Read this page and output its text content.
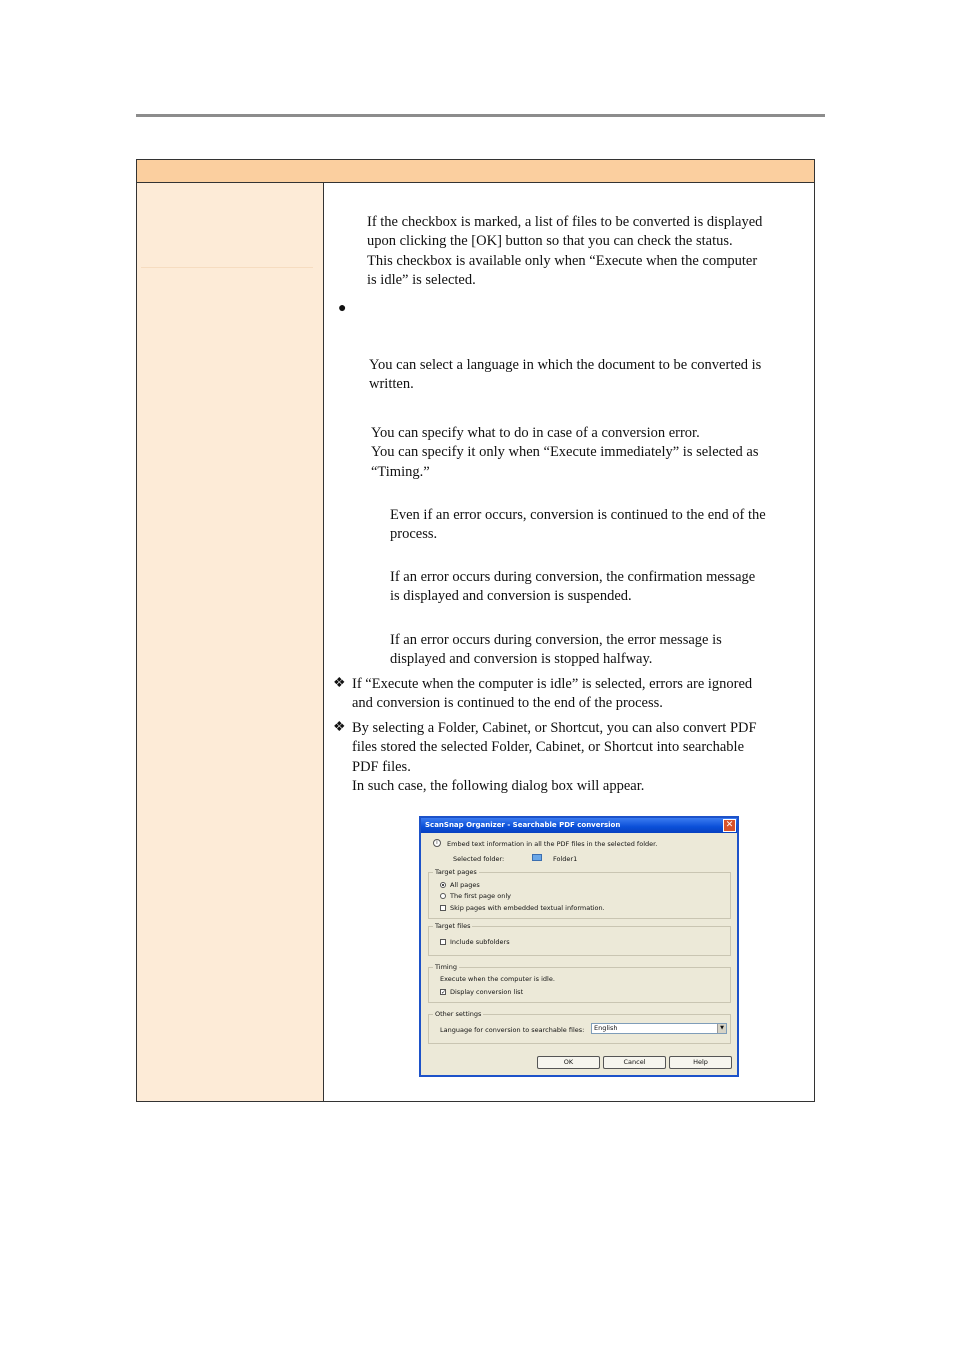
If the checkbox is marked, a list of files to be converted is displayed
upon clicking the [OK] button so that you can check the status.
This checkbox is available only when “Execute when the computer
is idle” is selected.

●

You can select a language in which the document to be converted is
written.

You can specify what to do in case of a conversion error.
You can specify it only when “Execute immediately” is selected as
“Timing.”

Even if an error occurs, conversion is continued to the end of the
process.

If an error occurs during conversion, the confirmation message
is displayed and conversion is suspended.

If an error occurs during conversion, the error message is
displayed and conversion is stopped halfway.

❖ If “Execute when the computer is idle” is selected, errors are ignored
and conversion is continued to the end of the process.

❖ By selecting a Folder, Cabinet, or Shortcut, you can also convert PDF
files stored the selected Folder, Cabinet, or Shortcut into searchable
PDF files.
In such case, the following dialog box will appear.

ScanSnap Organizer - Searchable PDF conversion	✕
i	Embed text information in all the PDF files in the selected folder.
Selected folder:	Folder1
Target pages
All pages
The first page only
Skip pages with embedded textual information.
Target files
Include subfolders
Timing
Execute when the computer is idle.
✓ Display conversion list
Other settings
Language for conversion to searchable files:	English	▼
OK	Cancel	Help
